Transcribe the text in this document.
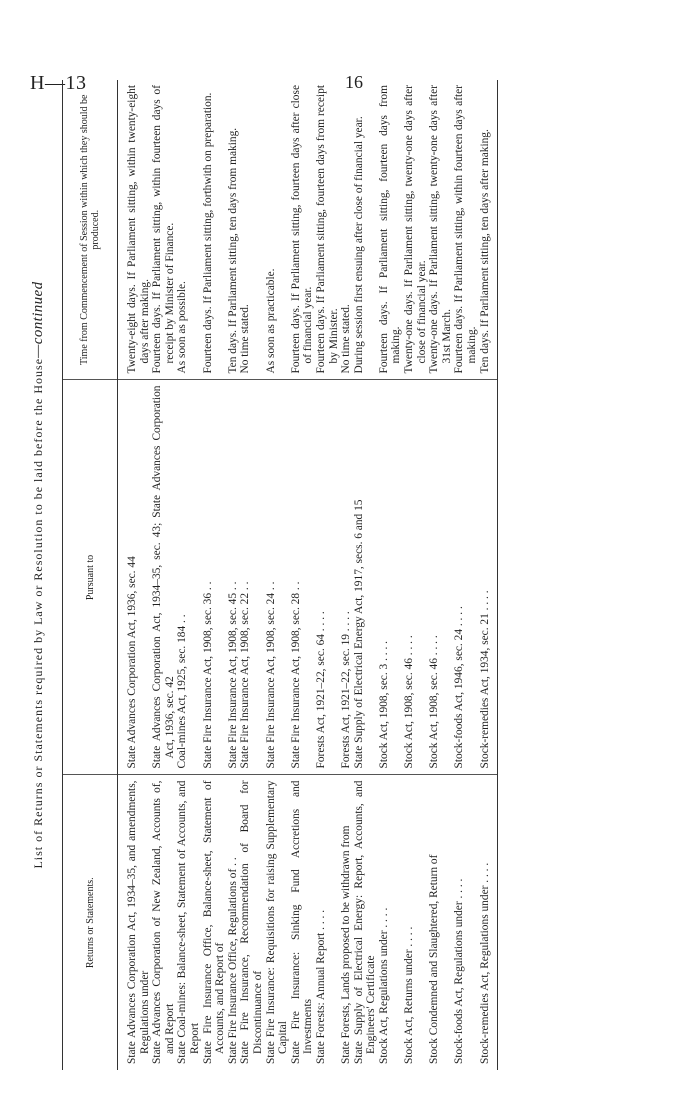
H—13	16
List of Returns or Statements required by Law or Resolution to be laid before the House—continued
Returns or Statements.	Pursuant to	Time from Commencement of Session within which they should be produced.
State Advances Corporation Act, 1934–35, and amendments, Regulations under	State Advances Corporation Act, 1936, sec. 44	Twenty-eight days. If Parliament sitting, within twenty-eight days after making.
State Advances Corporation of New Zealand, Accounts of, and Report	State Advances Corporation Act, 1934–35, sec. 43; State Advances Corporation Act, 1936, sec. 42	Fourteen days. If Parliament sitting, within fourteen days of receipt by Minister of Finance.
State Coal-mines: Balance-sheet, Statement of Accounts, and Report	Coal-mines Act, 1925, sec. 184 . .	As soon as possible.
State Fire Insurance Office, Balance-sheet, Statement of Accounts, and Report of	State Fire Insurance Act, 1908, sec. 36 . .	Fourteen days. If Parliament sitting, forthwith on preparation.
State Fire Insurance Office, Regulations of . .	State Fire Insurance Act, 1908, sec. 45 . .	Ten days. If Parliament sitting, ten days from making.
State Fire Insurance, Recommendation of Board for Discontinuance of	State Fire Insurance Act, 1908, sec. 22 . .	No time stated.
State Fire Insurance: Requisitions for raising Supplementary Capital	State Fire Insurance Act, 1908, sec. 24 . .	As soon as practicable.
State Fire Insurance: Sinking Fund Accretions and Investments	State Fire Insurance Act, 1908, sec. 28 . .	Fourteen days. If Parliament sitting, fourteen days after close of financial year.
State Forests: Annual Report . . . .	Forests Act, 1921–22, sec. 64 . . . .	Fourteen days. If Parliament sitting, fourteen days from receipt by Minister.
State Forests, Lands proposed to be withdrawn from	Forests Act, 1921–22, sec. 19 . . . .	No time stated.
State Supply of Electrical Energy: Report, Accounts, and Engineers' Certificate	State Supply of Electrical Energy Act, 1917, secs. 6 and 15	During session first ensuing after close of financial year.
Stock Act, Regulations under . . . .	Stock Act, 1908, sec. 3 . . . .	Fourteen days. If Parliament sitting, fourteen days from making.
Stock Act, Returns under . . . .	Stock Act, 1908, sec. 46 . . . .	Twenty-one days. If Parliament sitting, twenty-one days after close of financial year.
Stock Condemned and Slaughtered, Return of	Stock Act, 1908, sec. 46 . . . .	Twenty-one days. If Parliament sitting, twenty-one days after 31st March.
Stock-foods Act, Regulations under . . . .	Stock-foods Act, 1946, sec. 24 . . . .	Fourteen days. If Parliament sitting, within fourteen days after making.
Stock-remedies Act, Regulations under . . . .	Stock-remedies Act, 1934, sec. 21 . . . .	Ten days. If Parliament sitting, ten days after making.
